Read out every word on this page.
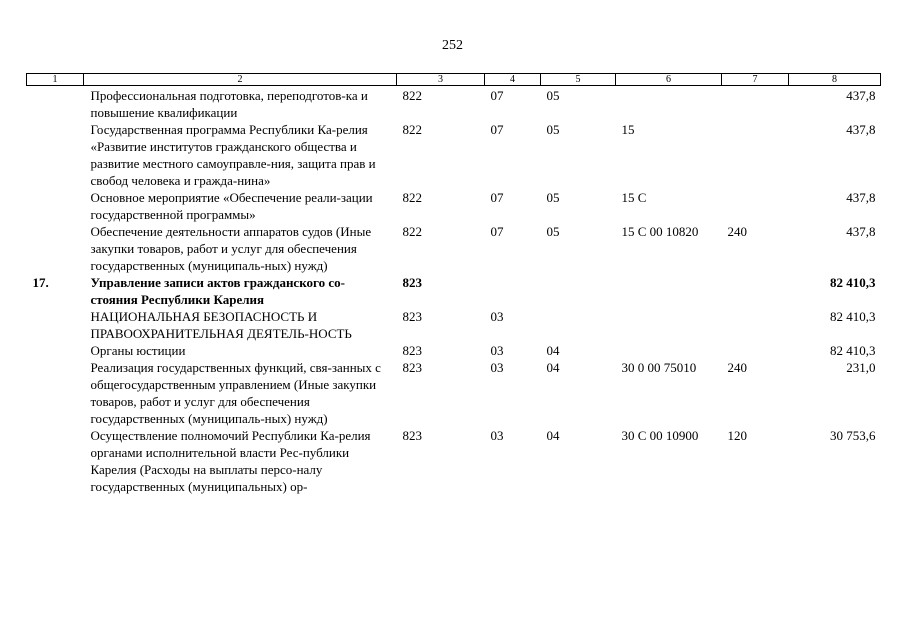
252
1	2	3	4	5	6	7	8
	Профессиональная подготовка, переподготов-ка и повышение квалификации	822	07	05			437,8
	Государственная программа Республики Ка-релия «Развитие институтов гражданского общества и развитие местного самоуправле-ния, защита прав и свобод человека и гражда-нина»	822	07	05	15		437,8
	Основное мероприятие «Обеспечение реали-зации государственной программы»	822	07	05	15 С		437,8
	Обеспечение деятельности аппаратов судов (Иные закупки товаров, работ и услуг для обеспечения государственных (муниципаль-ных) нужд)	822	07	05	15 С 00 10820	240	437,8
17.	Управление записи актов гражданского со-стояния Республики Карелия	823					82 410,3
	НАЦИОНАЛЬНАЯ БЕЗОПАСНОСТЬ И ПРАВООХРАНИТЕЛЬНАЯ ДЕЯТЕЛЬ-НОСТЬ	823	03				82 410,3
	Органы юстиции	823	03	04			82 410,3
	Реализация государственных функций, свя-занных с общегосударственным управлением (Иные закупки товаров, работ и услуг для обеспечения государственных (муниципаль-ных) нужд)	823	03	04	30 0 00 75010	240	231,0
	Осуществление полномочий Республики Ка-релия органами исполнительной власти Рес-публики Карелия (Расходы на выплаты персо-налу государственных (муниципальных) ор-	823	03	04	30 С 00 10900	120	30 753,6
